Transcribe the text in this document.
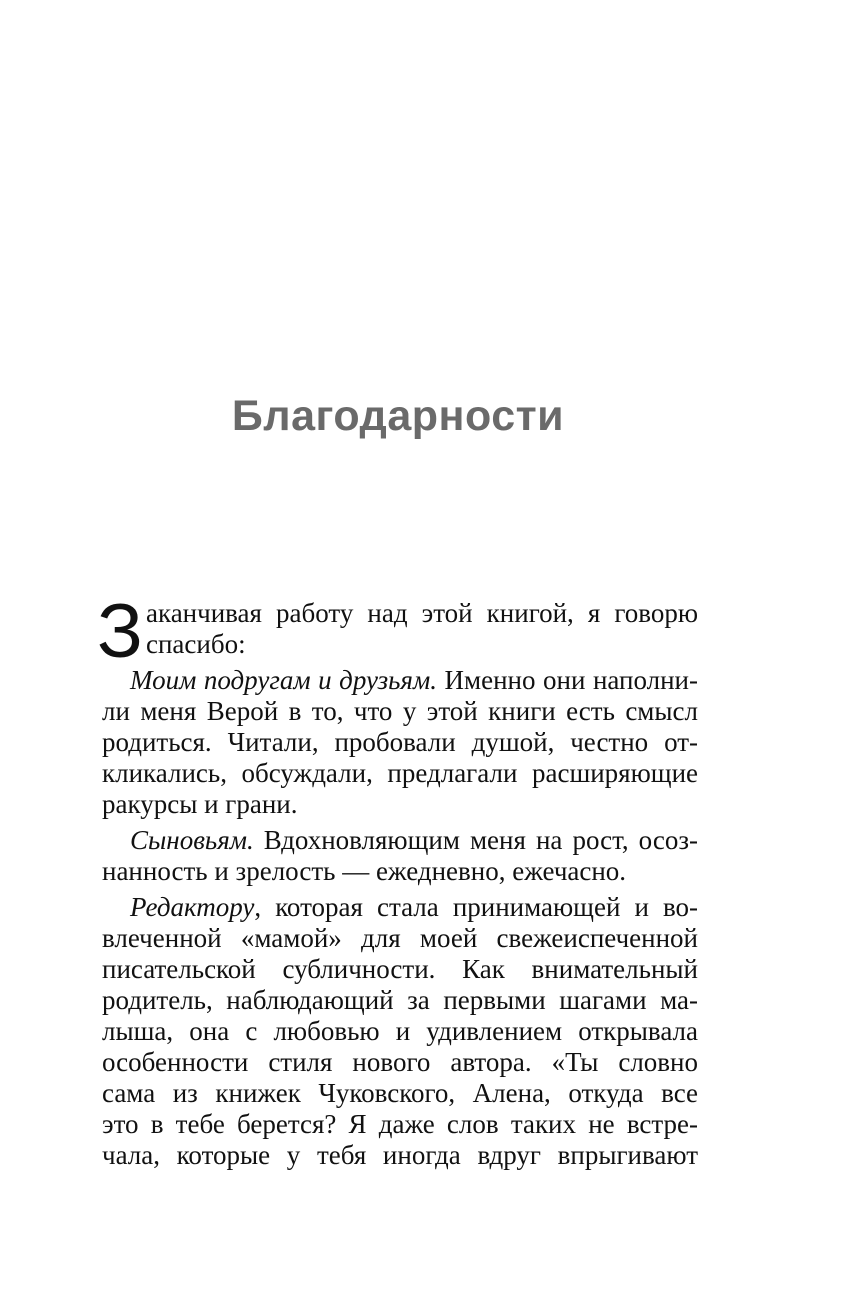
Благодарности
З аканчивая работу над этой книгой, я говорю
спасибо:
Моим подругам и друзьям. Именно они наполни-
ли меня Верой в то, что у этой книги есть смысл
родиться. Читали, пробовали душой, честно от-
кликались, обсуждали, предлагали расширяющие
ракурсы и грани.
Сыновьям. Вдохновляющим меня на рост, осоз-
нанность и зрелость — ежедневно, ежечасно.
Редактору, которая стала принимающей и во-
влеченной «мамой» для моей свежеиспеченной
писательской субличности. Как внимательный
родитель, наблюдающий за первыми шагами ма-
лыша, она с любовью и удивлением открывала
особенности стиля нового автора. «Ты словно
сама из книжек Чуковского, Алена, откуда все
это в тебе берется? Я даже слов таких не встре-
чала, которые у тебя иногда вдруг впрыгивают
